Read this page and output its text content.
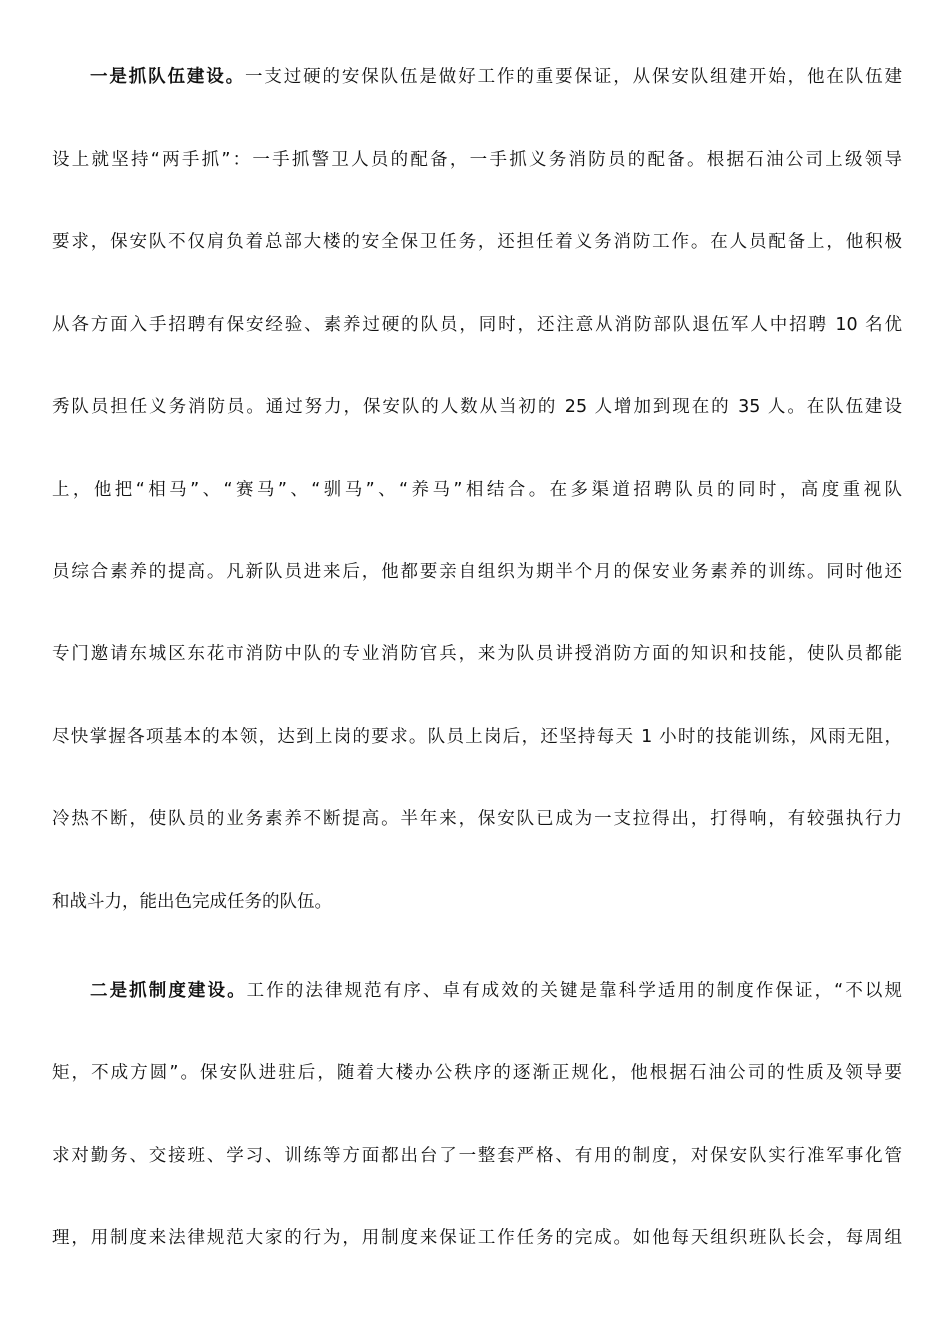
一是抓队伍建设。一支过硬的安保队伍是做好工作的重要保证，从保安队组建开始，他在队伍建
设上就坚持“两手抓”：一手抓警卫人员的配备，一手抓义务消防员的配备。根据石油公司上级领导
要求，保安队不仅肩负着总部大楼的安全保卫任务，还担任着义务消防工作。在人员配备上，他积极
从各方面入手招聘有保安经验、素养过硬的队员，同时，还注意从消防部队退伍军人中招聘 10 名优
秀队员担任义务消防员。通过努力，保安队的人数从当初的 25 人增加到现在的 35 人。在队伍建设
上，他把“相马”、“赛马”、“驯马”、“养马”相结合。在多渠道招聘队员的同时，高度重视队
员综合素养的提高。凡新队员进来后，他都要亲自组织为期半个月的保安业务素养的训练。同时他还
专门邀请东城区东花市消防中队的专业消防官兵，来为队员讲授消防方面的知识和技能，使队员都能
尽快掌握各项基本的本领，达到上岗的要求。队员上岗后，还坚持每天 1 小时的技能训练，风雨无阻，
冷热不断，使队员的业务素养不断提高。半年来，保安队已成为一支拉得出，打得响，有较强执行力
和战斗力，能出色完成任务的队伍。
二是抓制度建设。工作的法律规范有序、卓有成效的关键是靠科学适用的制度作保证，“不以规
矩，不成方圆”。保安队进驻后，随着大楼办公秩序的逐渐正规化，他根据石油公司的性质及领导要
求对勤务、交接班、学习、训练等方面都出台了一整套严格、有用的制度，对保安队实行准军事化管
理，用制度来法律规范大家的行为，用制度来保证工作任务的完成。如他每天组织班队长会，每周组
